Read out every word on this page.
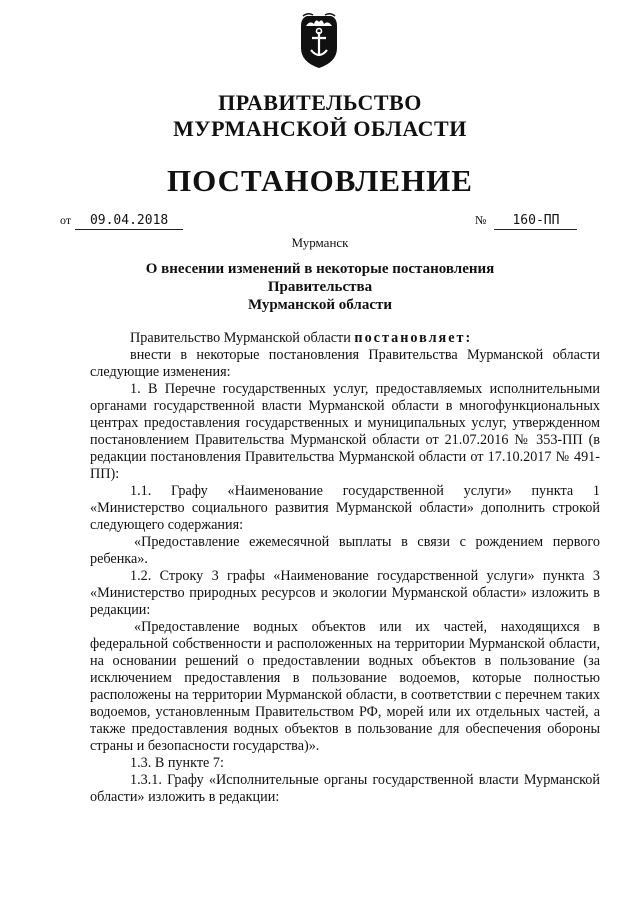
ПРАВИТЕЛЬСТВО
МУРМАНСКОЙ ОБЛАСТИ
ПОСТАНОВЛЕНИЕ
от 09.04.2018	№ 160-ПП
Мурманск
О внесении изменений в некоторые постановления Правительства
Мурманской области

Правительство Мурманской области постановляет:

внести в некоторые постановления Правительства Мурманской области следующие изменения:

1. В Перечне государственных услуг, предоставляемых исполнительными органами государственной власти Мурманской области в многофункциональных центрах предоставления государственных и муниципальных услуг, утвержденном постановлением Правительства Мурманской области от 21.07.2016 № 353-ПП (в редакции постановления Правительства Мурманской области от 17.10.2017 № 491-ПП):

1.1. Графу «Наименование государственной услуги» пункта 1 «Министерство социального развития Мурманской области» дополнить строкой следующего содержания:

«Предоставление ежемесячной выплаты в связи с рождением первого ребенка».

1.2. Строку 3 графы «Наименование государственной услуги» пункта 3 «Министерство природных ресурсов и экологии Мурманской области» изложить в редакции:

«Предоставление водных объектов или их частей, находящихся в федеральной собственности и расположенных на территории Мурманской области, на основании решений о предоставлении водных объектов в пользование (за исключением предоставления в пользование водоемов, которые полностью расположены на территории Мурманской области, в соответствии с перечнем таких водоемов, установленным Правительством РФ, морей или их отдельных частей, а также предоставления водных объектов в пользование для обеспечения обороны страны и безопасности государства)».

1.3. В пункте 7:

1.3.1. Графу «Исполнительные органы государственной власти Мурманской области» изложить в редакции:
